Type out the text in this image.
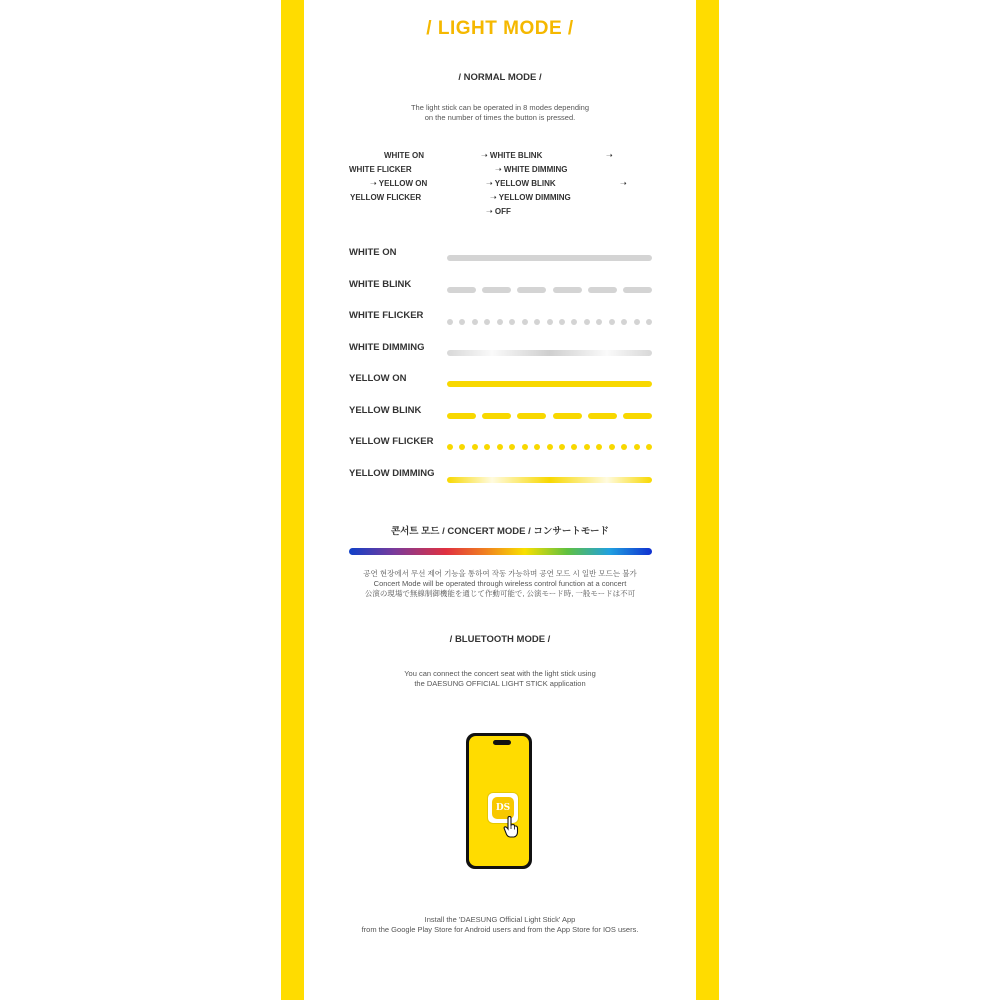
/ LIGHT MODE /
/ NORMAL MODE /
The light stick can be operated in 8 modes depending
on the number of times the button is pressed.
WHITE ON	➝ WHITE BLINK	➝
WHITE FLICKER	➝ WHITE DIMMING
➝ YELLOW ON	➝ YELLOW BLINK	➝
YELLOW FLICKER	➝ YELLOW DIMMING
➝ OFF
WHITE ON
WHITE BLINK
WHITE FLICKER
WHITE DIMMING
YELLOW ON
YELLOW BLINK
YELLOW FLICKER
YELLOW DIMMING
콘서트 모드 / CONCERT MODE / コンサートモード
공연 현장에서 무선 제어 기능을 통하여 작동 가능하며 공연 모드 시 일반 모드는 불가
Concert Mode will be operated through wireless control function at a concert
公演の現場で無線制御機能を通じて作動可能で, 公演モード時, 一般モードは不可
/ BLUETOOTH MODE /
You can connect the concert seat with the light stick using
the DAESUNG OFFICIAL LIGHT STICK application
DS
Install the 'DAESUNG Official Light Stick' App
from the Google Play Store for Android users and from the App Store for IOS users.
